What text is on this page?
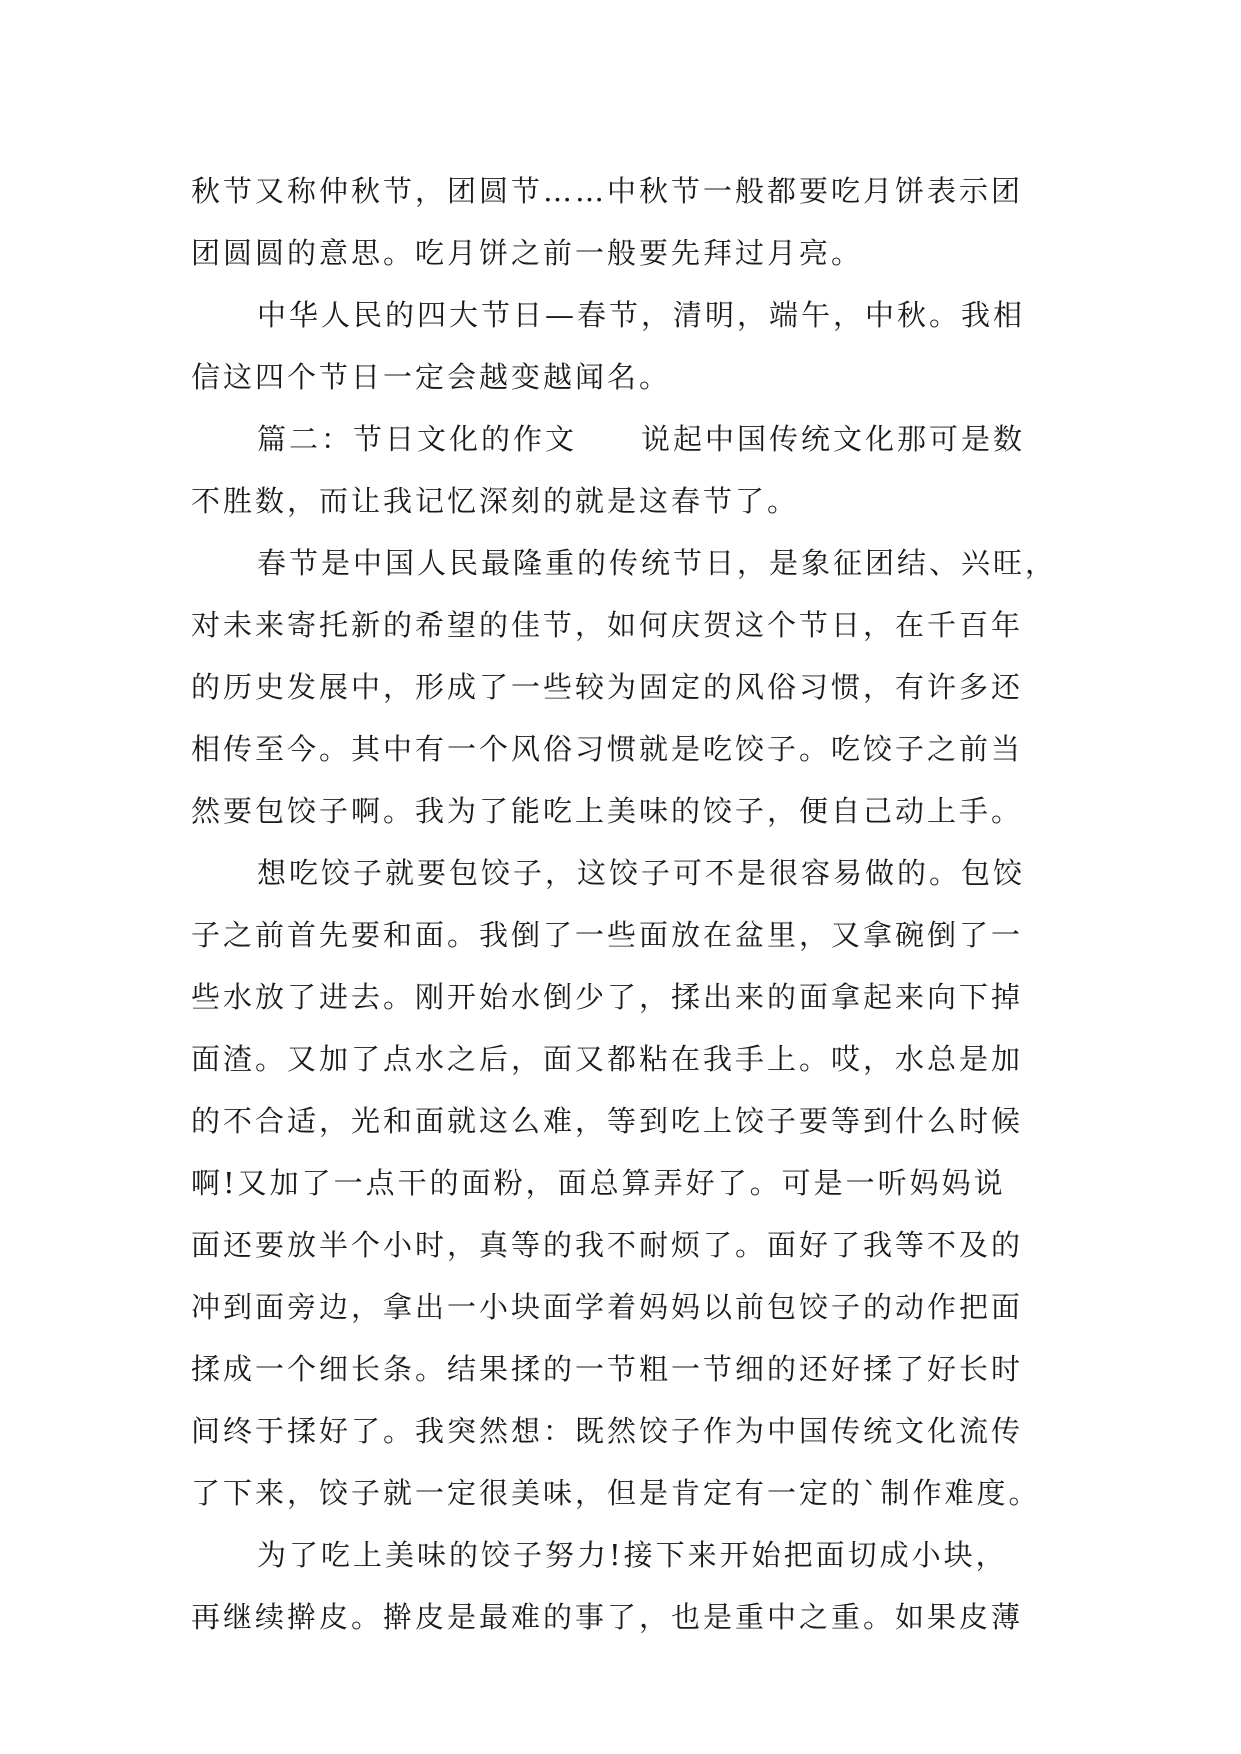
秋节又称仲秋节，团圆节……中秋节一般都要吃月饼表示团
团圆圆的意思。吃月饼之前一般要先拜过月亮。
中华人民的四大节日—春节，清明，端午，中秋。我相
信这四个节日一定会越变越闻名。
篇二：节日文化的作文　　说起中国传统文化那可是数
不胜数，而让我记忆深刻的就是这春节了。
春节是中国人民最隆重的传统节日，是象征团结、兴旺，
对未来寄托新的希望的佳节，如何庆贺这个节日，在千百年
的历史发展中，形成了一些较为固定的风俗习惯，有许多还
相传至今。其中有一个风俗习惯就是吃饺子。吃饺子之前当
然要包饺子啊。我为了能吃上美味的饺子，便自己动上手。
想吃饺子就要包饺子，这饺子可不是很容易做的。包饺
子之前首先要和面。我倒了一些面放在盆里，又拿碗倒了一
些水放了进去。刚开始水倒少了，揉出来的面拿起来向下掉
面渣。又加了点水之后，面又都粘在我手上。哎，水总是加
的不合适，光和面就这么难，等到吃上饺子要等到什么时候
啊!又加了一点干的面粉，面总算弄好了。可是一听妈妈说
面还要放半个小时，真等的我不耐烦了。面好了我等不及的
冲到面旁边，拿出一小块面学着妈妈以前包饺子的动作把面
揉成一个细长条。结果揉的一节粗一节细的还好揉了好长时
间终于揉好了。我突然想：既然饺子作为中国传统文化流传
了下来，饺子就一定很美味，但是肯定有一定的`制作难度。
为了吃上美味的饺子努力!接下来开始把面切成小块，
再继续擀皮。擀皮是最难的事了，也是重中之重。如果皮薄
